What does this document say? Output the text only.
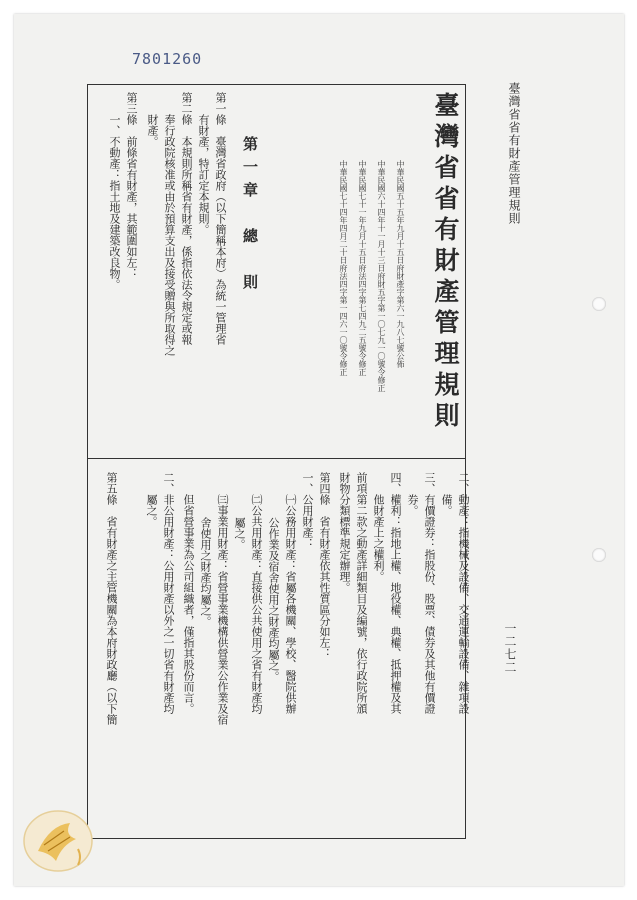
7801260
臺灣省省有財產管理規則
一二七二
臺灣省省有財產管理規則
中華民國五十五年九月十五日府財產字第六一九八七號公佈
中華民國六十四年十一月十三日府財五字第一〇七九一〇號令修正
中華民國七十一年九月十五日府法四字第七四九二五號令修正
中華民國七十四年四月二十日府法四字第一四六一〇號令修正
第一章　總　則
第一條　臺灣省政府（以下簡稱本府）為統一管理省
有財產，特訂定本規則。
第二條　本規則所稱省有財產，係指依法令規定或報
奉行政院核准或由於預算支出及接受贈與所取得之
財產。
第三條　前條省有財產，其範圍如左：
一、不動產：指土地及建築改良物。
二、動產：指機械及設備、交通運輸設備、雜項設
備。
三、有價證券：指股份、股票、債券及其他有價證
券。
四、權利：指地上權、地役權、典權、抵押權及其
他財產上之權利。
前項第二款之動產詳細類目及編號，依行政院所頒
財物分類標準規定辦理。
第四條　省有財產依其性質區分如左：
一、公用財產：
㈠公務用財產：省屬各機關、學校、醫院供辦
公作業及宿舍使用之財產均屬之。
㈡公共用財產：直接供公共使用之省有財產均
屬之。
㈢事業用財產：省營事業機構供營業公作業及宿
舍使用之財產均屬之。
但省營事業為公司組織者，僅指其股份而言。
二、非公用財產：公用財產以外之一切省有財產均
屬之。
第五條　省有財產之主管機關為本府財政廳（以下簡
